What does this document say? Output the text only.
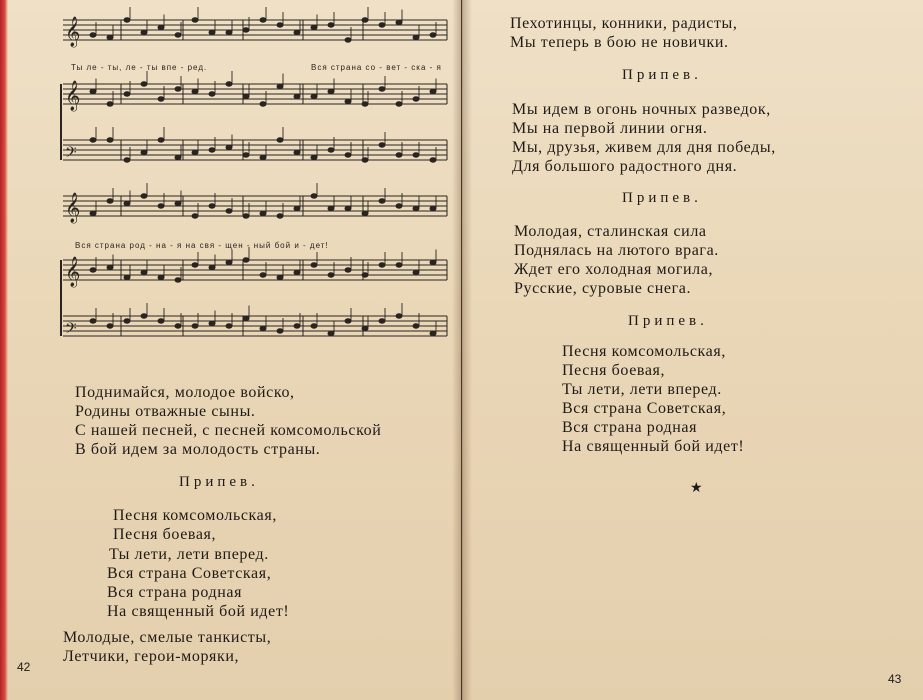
𝄞
𝄞
𝄢
𝄞
𝄞
𝄢
Ты ле - ты, ле - ты впе - ред.	Вся страна со - вет - ска - я
Вся страна род - на - я на свя - щен - ный бой и - дет!

Поднимайся, молодое войско,

Родины отважные сыны.

С нашей песней, с песней комсомольской

В бой идем за молодость страны.

Припев.

Песня комсомольская,

Песня боевая,

Ты лети, лети вперед.

Вся страна Советская,

Вся страна родная

На священный бой идет!

Молодые, смелые танкисты,

Летчики, герои-моряки,

42

Пехотинцы, конники, радисты,

Мы теперь в бою не новички.

Припев.

Мы идем в огонь ночных разведок,

Мы на первой линии огня.

Мы, друзья, живем для дня победы,

Для большого радостного дня.

Припев.

Молодая, сталинская сила

Поднялась на лютого врага.

Ждет его холодная могила,

Русские, суровые снега.

Припев.

Песня комсомольская,

Песня боевая,

Ты лети, лети вперед.

Вся страна Советская,

Вся страна родная

На священный бой идет!

★
43
